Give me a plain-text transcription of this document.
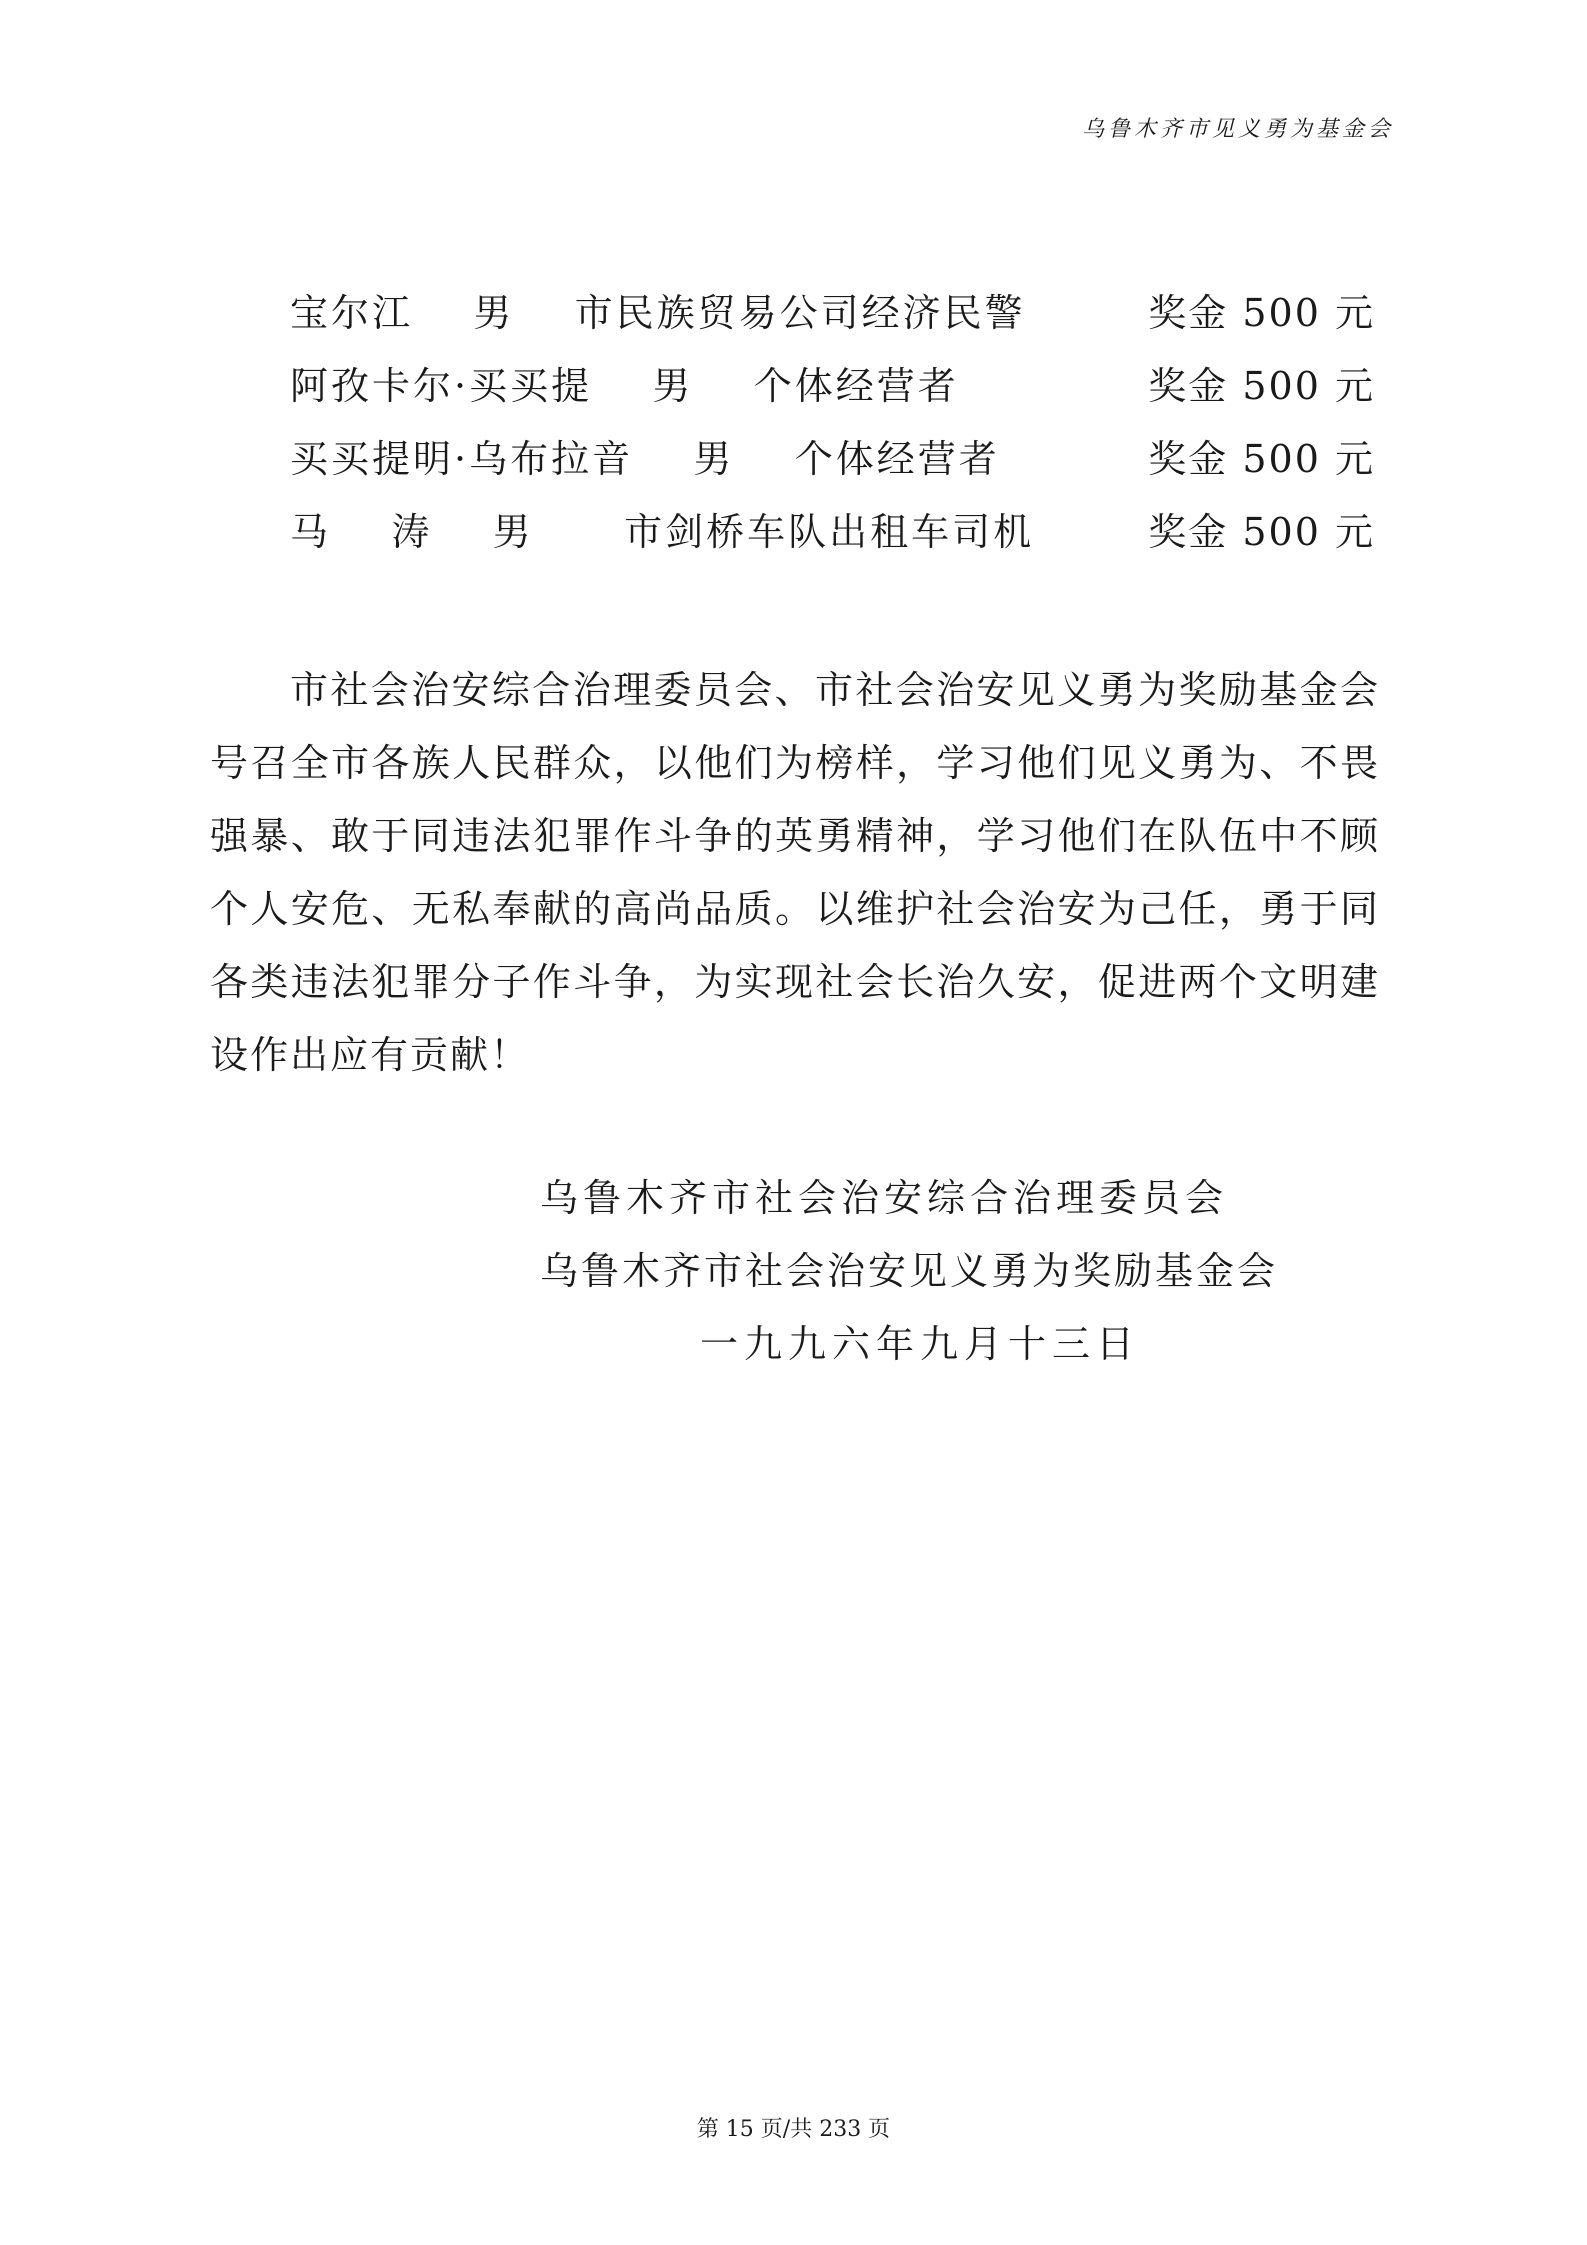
乌鲁木齐市见义勇为基金会
宝尔江    男    市民族贸易公司经济民警	奖金 500 元
阿孜卡尔·买买提    男    个体经营者	奖金 500 元
买买提明·乌布拉音    男    个体经营者	奖金 500 元
马    涛    男      市剑桥车队出租车司机	奖金 500 元

市社会治安综合治理委员会、市社会治安见义勇为奖励基金会号召全市各族人民群众，以他们为榜样，学习他们见义勇为、不畏强暴、敢于同违法犯罪作斗争的英勇精神，学习他们在队伍中不顾个人安危、无私奉献的高尚品质。以维护社会治安为己任，勇于同各类违法犯罪分子作斗争，为实现社会长治久安，促进两个文明建设作出应有贡献！

乌鲁木齐市社会治安综合治理委员会
乌鲁木齐市社会治安见义勇为奖励基金会
一九九六年九月十三日
第 15 页/共 233 页
